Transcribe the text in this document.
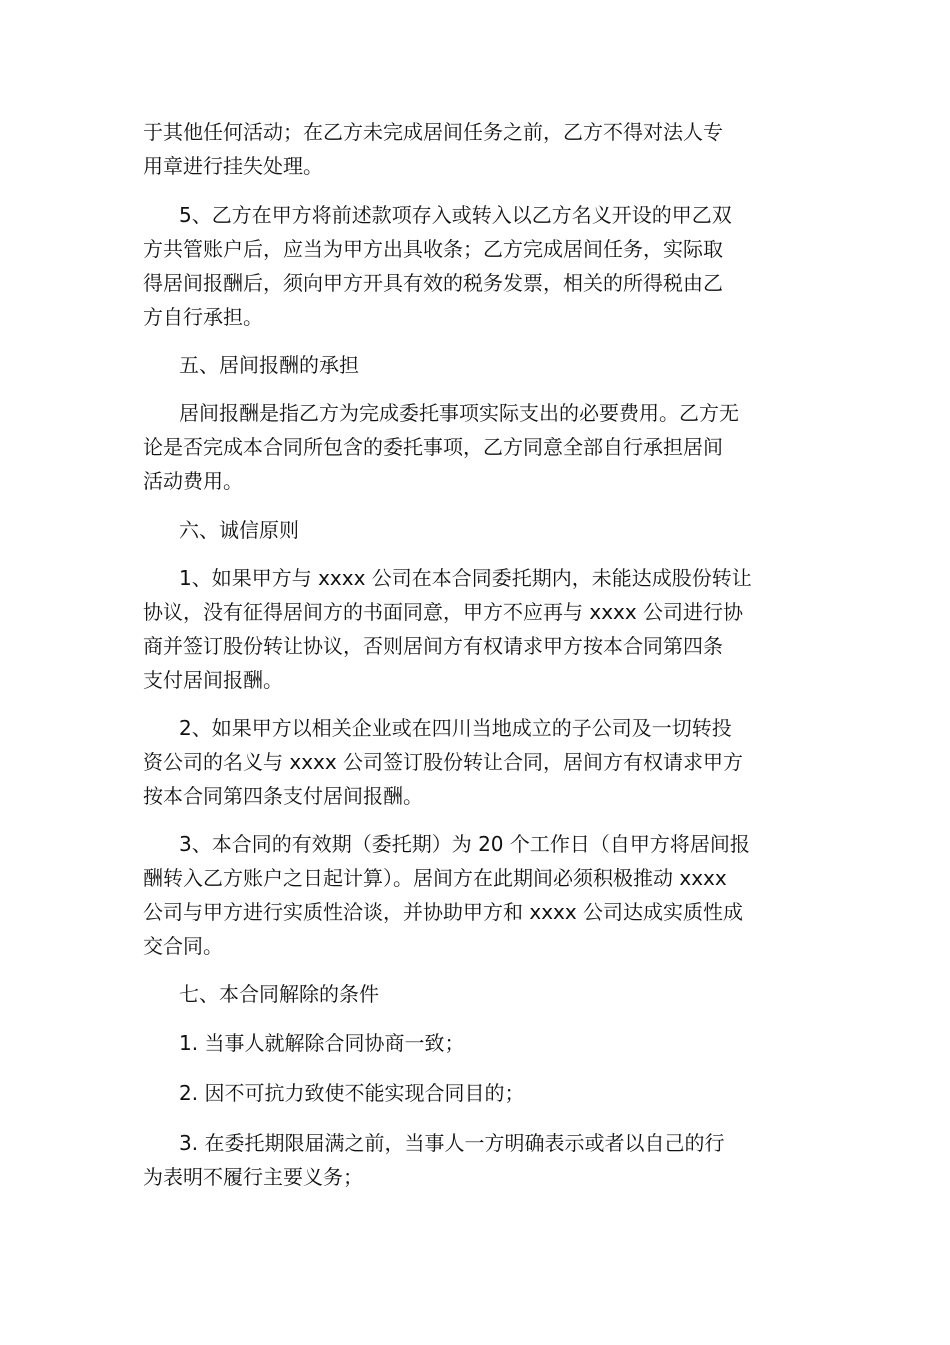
于其他任何活动；在乙方未完成居间任务之前，乙方不得对法人专
用章进行挂失处理。
5、乙方在甲方将前述款项存入或转入以乙方名义开设的甲乙双
方共管账户后，应当为甲方出具收条；乙方完成居间任务，实际取
得居间报酬后，须向甲方开具有效的税务发票，相关的所得税由乙
方自行承担。
五、居间报酬的承担
居间报酬是指乙方为完成委托事项实际支出的必要费用。乙方无
论是否完成本合同所包含的委托事项，乙方同意全部自行承担居间
活动费用。
六、诚信原则
1、如果甲方与 xxxx 公司在本合同委托期内，未能达成股份转让
协议，没有征得居间方的书面同意，甲方不应再与 xxxx 公司进行协
商并签订股份转让协议，否则居间方有权请求甲方按本合同第四条
支付居间报酬。
2、如果甲方以相关企业或在四川当地成立的子公司及一切转投
资公司的名义与 xxxx 公司签订股份转让合同，居间方有权请求甲方
按本合同第四条支付居间报酬。
3、本合同的有效期（委托期）为 20 个工作日（自甲方将居间报
酬转入乙方账户之日起计算）。居间方在此期间必须积极推动 xxxx
公司与甲方进行实质性洽谈，并协助甲方和 xxxx 公司达成实质性成
交合同。
七、本合同解除的条件
1. 当事人就解除合同协商一致；
2. 因不可抗力致使不能实现合同目的；
3. 在委托期限届满之前，当事人一方明确表示或者以自己的行
为表明不履行主要义务；
